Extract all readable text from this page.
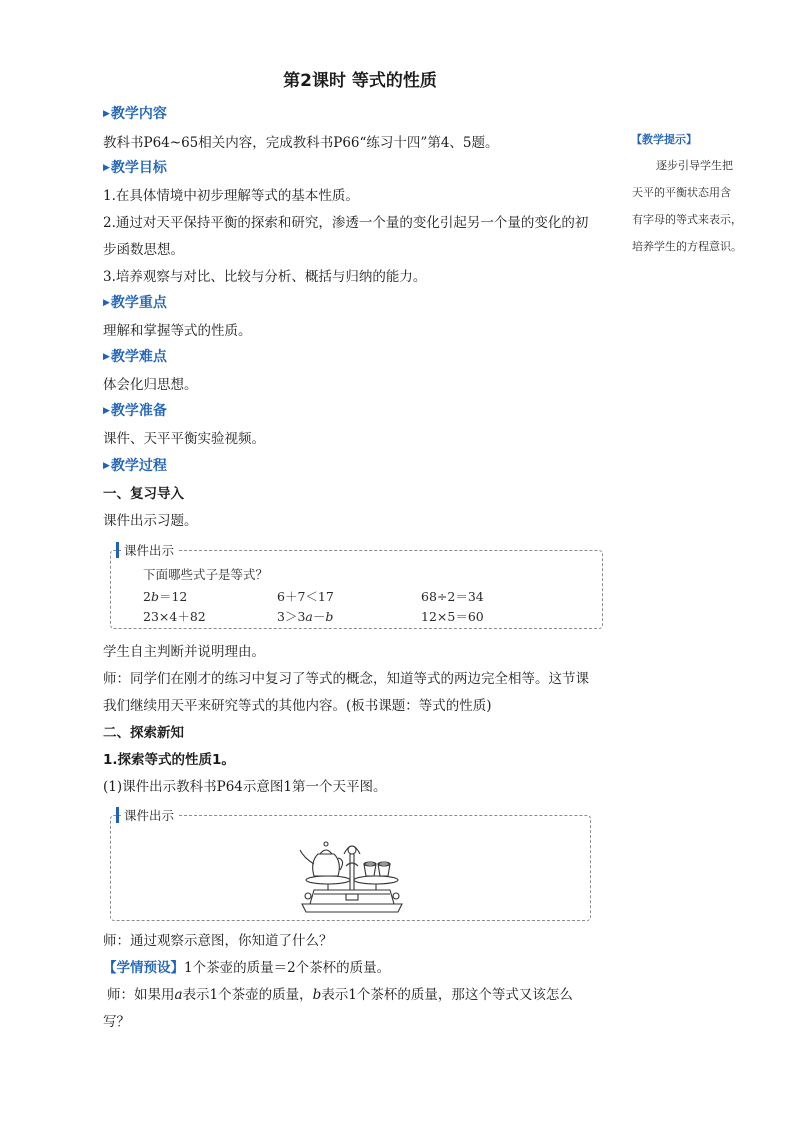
第2课时 等式的性质
▶教学内容
教科书P64~65相关内容，完成教科书P66“练习十四”第4、5题。
▶教学目标
1.在具体情境中初步理解等式的基本性质。
2.通过对天平保持平衡的探索和研究，渗透一个量的变化引起另一个量的变化的初
步函数思想。
3.培养观察与对比、比较与分析、概括与归纳的能力。
▶教学重点
理解和掌握等式的性质。
▶教学难点
体会化归思想。
▶教学准备
课件、天平平衡实验视频。
▶教学过程
一、复习导入
课件出示习题。
课件出示
下面哪些式子是等式？
2b＝12	6＋7＜17	68÷2＝34
23×4＋82	3＞3a－b	12×5＝60
学生自主判断并说明理由。
师：同学们在刚才的练习中复习了等式的概念，知道等式的两边完全相等。这节课
我们继续用天平来研究等式的其他内容。(板书课题：等式的性质)
二、探索新知
1.探索等式的性质1。
(1)课件出示教科书P64示意图1第一个天平图。
课件出示
师：通过观察示意图，你知道了什么？
【学情预设】1个茶壶的质量＝2个茶杯的质量。
师：如果用a表示1个茶壶的质量，b表示1个茶杯的质量，那这个等式又该怎么
写？
【教学提示】
逐步引导学生把
天平的平衡状态用含
有字母的等式来表示，
培养学生的方程意识。
